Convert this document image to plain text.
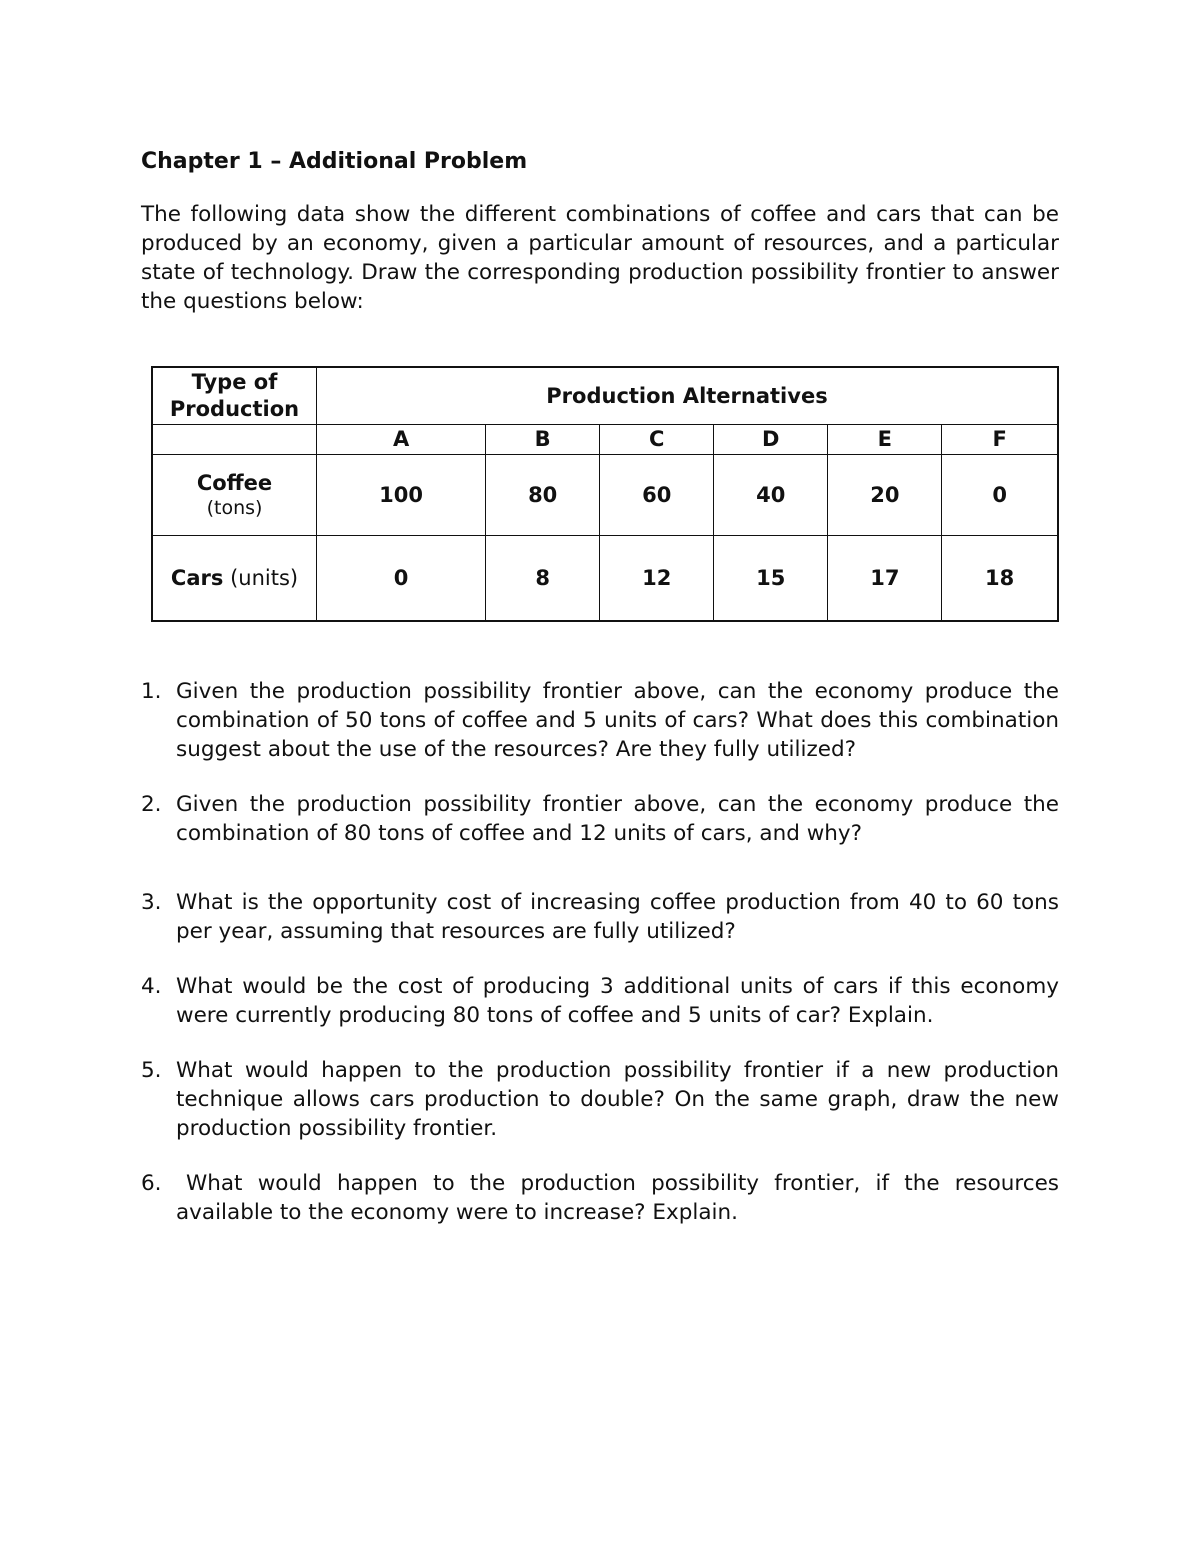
Chapter 1 – Additional Problem
The following data show the different combinations of coffee and cars that can be produced by an economy, given a particular amount of resources, and a particular state of technology. Draw the corresponding production possibility frontier to answer the questions below:
Type of
Production	Production Alternatives					
	A	B	C	D	E	F
Coffee
(tons)	100	80	60	40	20	0
Cars (units)	0	8	12	15	17	18
1. Given the production possibility frontier above, can the economy produce the combination of 50 tons of coffee and 5 units of cars? What does this combination suggest about the use of the resources? Are they fully utilized?
2. Given the production possibility frontier above, can the economy produce the combination of 80 tons of coffee and 12 units of cars, and why?
3. What is the opportunity cost of increasing coffee production from 40 to 60 tons per year, assuming that resources are fully utilized?
4. What would be the cost of producing 3 additional units of cars if this economy were currently producing 80 tons of coffee and 5 units of car? Explain.
5. What would happen to the production possibility frontier if a new production technique allows cars production to double? On the same graph, draw the new production possibility frontier.
6. What would happen to the production possibility frontier, if the resources available to the economy were to increase? Explain.
